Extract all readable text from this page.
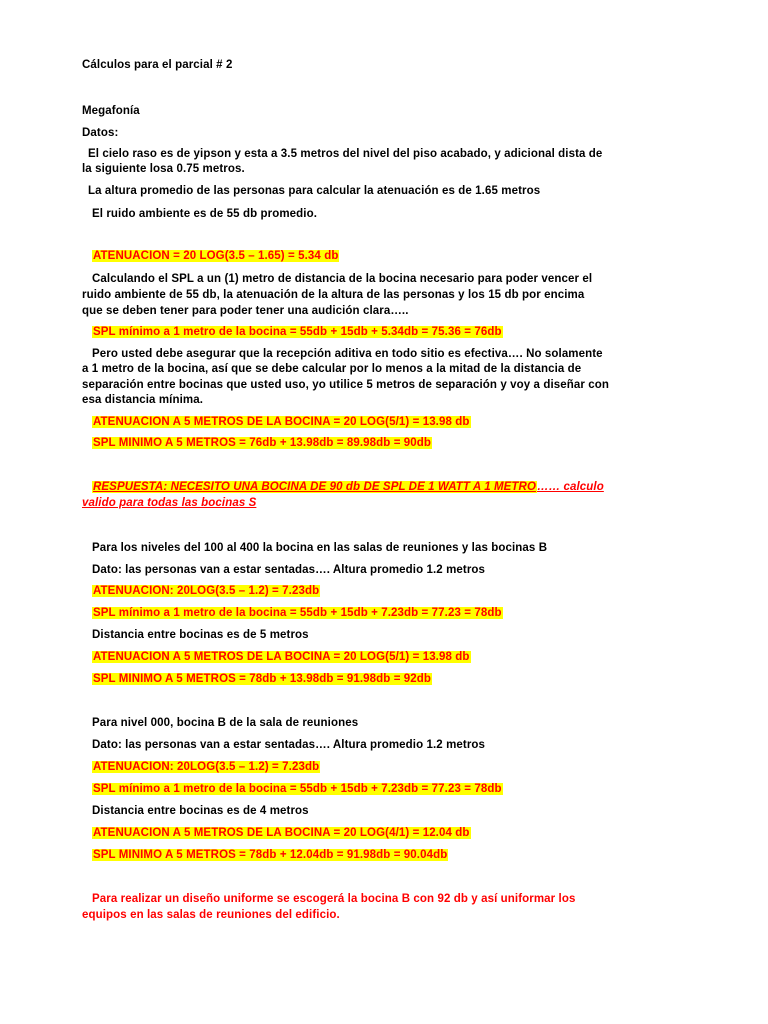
Cálculos para el parcial # 2
Megafonía
Datos:
El cielo raso es de yipson y esta a 3.5 metros del nivel del piso acabado, y adicional dista de
la siguiente losa 0.75 metros.
La altura promedio de las personas para calcular la atenuación es de 1.65 metros
El ruido ambiente es de 55 db promedio.
ATENUACION = 20 LOG(3.5 – 1.65) = 5.34 db
Calculando el SPL a un (1) metro de distancia de la bocina necesario para poder vencer el
ruido ambiente de 55 db, la atenuación de la altura de las personas y los 15 db por encima
que se deben tener para poder tener una audición clara…..
SPL mínimo a 1 metro de la bocina = 55db + 15db + 5.34db = 75.36 = 76db
Pero usted debe asegurar que la recepción aditiva en todo sitio es efectiva…. No solamente
a 1 metro de la bocina, así que se debe calcular por lo menos a la mitad de la distancia de
separación entre bocinas que usted uso, yo utilice 5 metros de separación y voy a diseñar con
esa distancia mínima.
ATENUACION A 5 METROS DE LA BOCINA = 20 LOG(5/1) = 13.98 db
SPL MINIMO A 5 METROS = 76db + 13.98db = 89.98db = 90db
RESPUESTA: NECESITO UNA BOCINA DE 90 db DE SPL DE 1 WATT A 1 METRO…… calculo
valido para todas las bocinas S
Para los niveles del 100 al 400 la bocina en las salas de reuniones y las bocinas B
Dato: las personas van a estar sentadas…. Altura promedio 1.2 metros
ATENUACION: 20LOG(3.5 – 1.2) = 7.23db
SPL mínimo a 1 metro de la bocina = 55db + 15db + 7.23db = 77.23 = 78db
Distancia entre bocinas es de 5 metros
ATENUACION A 5 METROS DE LA BOCINA = 20 LOG(5/1) = 13.98 db
SPL MINIMO A 5 METROS = 78db + 13.98db = 91.98db = 92db
Para nivel 000, bocina B de la sala de reuniones
Dato: las personas van a estar sentadas…. Altura promedio 1.2 metros
ATENUACION: 20LOG(3.5 – 1.2) = 7.23db
SPL mínimo a 1 metro de la bocina = 55db + 15db + 7.23db = 77.23 = 78db
Distancia entre bocinas es de 4 metros
ATENUACION A 5 METROS DE LA BOCINA = 20 LOG(4/1) = 12.04 db
SPL MINIMO A 5 METROS = 78db + 12.04db = 91.98db = 90.04db
Para realizar un diseño uniforme se escogerá la bocina B con 92 db y así uniformar los
equipos en las salas de reuniones del edificio.
